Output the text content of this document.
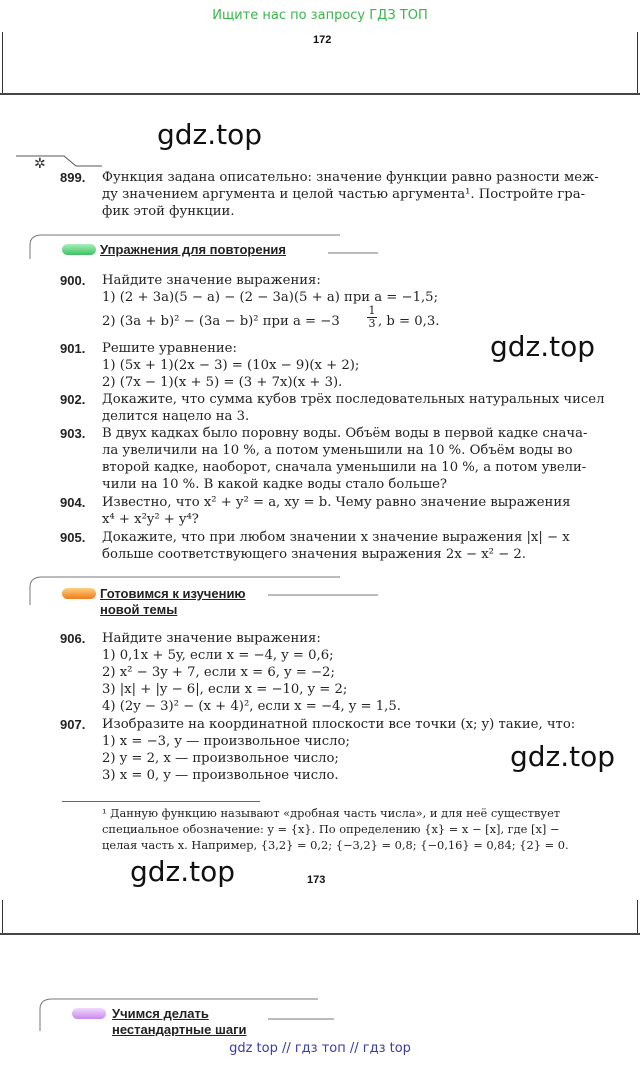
Ищите нас по запросу ГДЗ ТОП
172
gdz.top
✲
899. Функция задана описательно: значение функции равно разности меж-
ду значением аргумента и целой частью аргумента¹. Постройте гра-
фик этой функции.
Упражнения для повторения
900. Найдите значение выражения:
1) (2 + 3a)(5 − a) − (2 − 3a)(5 + a) при a = −1,5;
2) (3a + b)² − (3a − b)² при $a = -3 \frac{1}{3}$ , b = 0,3.
gdz.top
901. Решите уравнение:
1) (5x + 1)(2x − 3) = (10x − 9)(x + 2);
2) (7x − 1)(x + 5) = (3 + 7x)(x + 3).
902. Докажите, что сумма кубов трёх последовательных натуральных чисел
делится нацело на 3.
903. В двух кадках было поровну воды. Объём воды в первой кадке снача-
ла увеличили на 10 %, а потом уменьшили на 10 %. Объём воды во
второй кадке, наоборот, сначала уменьшили на 10 %, а потом увели-
чили на 10 %. В какой кадке воды стало больше?
904. Известно, что x² + y² = a, xy = b. Чему равно значение выражения
x⁴ + x²y² + y⁴?
905. Докажите, что при любом значении x значение выражения |x| − x
больше соответствующего значения выражения 2x − x² − 2.
Готовимся к изучению
новой темы
906. Найдите значение выражения:
1) 0,1x + 5y, если x = −4, y = 0,6;
2) x² − 3y + 7, если x = 6, y = −2;
3) |x| + |y − 6|, если x = −10, y = 2;
4) (2y − 3)² − (x + 4)², если x = −4, y = 1,5.
907. Изобразите на координатной плоскости все точки (x; y) такие, что:
1) x = −3, y — произвольное число;
2) y = 2, x — произвольное число;
3) x = 0, y — произвольное число.
gdz.top
¹ Данную функцию называют «дробная часть числа», и для неё существует
специальное обозначение: y = {x}. По определению {x} = x − [x], где [x] −
целая часть x. Например, {3,2} = 0,2; {−3,2} = 0,8; {−0,16} = 0,84; {2} = 0.
gdz.top	173
Учимся делать
нестандартные шаги
gdz top // гдз топ // гдз top
